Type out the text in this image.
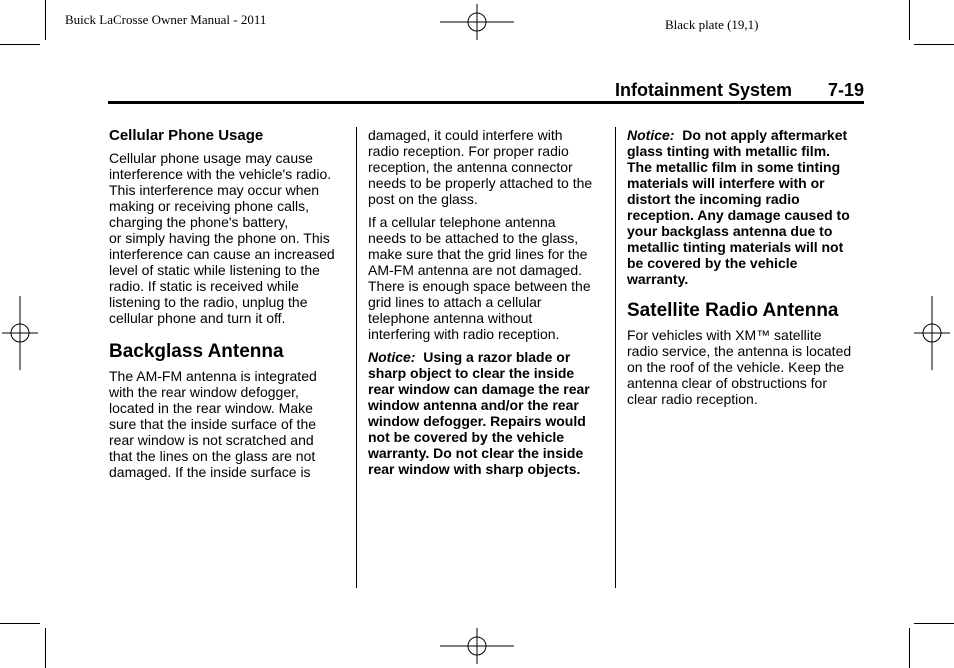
Buick LaCrosse Owner Manual - 2011	Black plate (19,1)
Infotainment System 7-19
Cellular Phone Usage

Cellular phone usage may cause
interference with the vehicle's radio.
This interference may occur when
making or receiving phone calls,
charging the phone's battery,
or simply having the phone on. This
interference can cause an increased
level of static while listening to the
radio. If static is received while
listening to the radio, unplug the
cellular phone and turn it off.

Backglass Antenna

The AM-FM antenna is integrated
with the rear window defogger,
located in the rear window. Make
sure that the inside surface of the
rear window is not scratched and
that the lines on the glass are not
damaged. If the inside surface is

damaged, it could interfere with
radio reception. For proper radio
reception, the antenna connector
needs to be properly attached to the
post on the glass.

If a cellular telephone antenna
needs to be attached to the glass,
make sure that the grid lines for the
AM-FM antenna are not damaged.
There is enough space between the
grid lines to attach a cellular
telephone antenna without
interfering with radio reception.

Notice: Using a razor blade or
sharp object to clear the inside
rear window can damage the rear
window antenna and/or the rear
window defogger. Repairs would
not be covered by the vehicle
warranty. Do not clear the inside
rear window with sharp objects.

Notice: Do not apply aftermarket
glass tinting with metallic film.
The metallic film in some tinting
materials will interfere with or
distort the incoming radio
reception. Any damage caused to
your backglass antenna due to
metallic tinting materials will not
be covered by the vehicle
warranty.

Satellite Radio Antenna

For vehicles with XM™ satellite
radio service, the antenna is located
on the roof of the vehicle. Keep the
antenna clear of obstructions for
clear radio reception.
